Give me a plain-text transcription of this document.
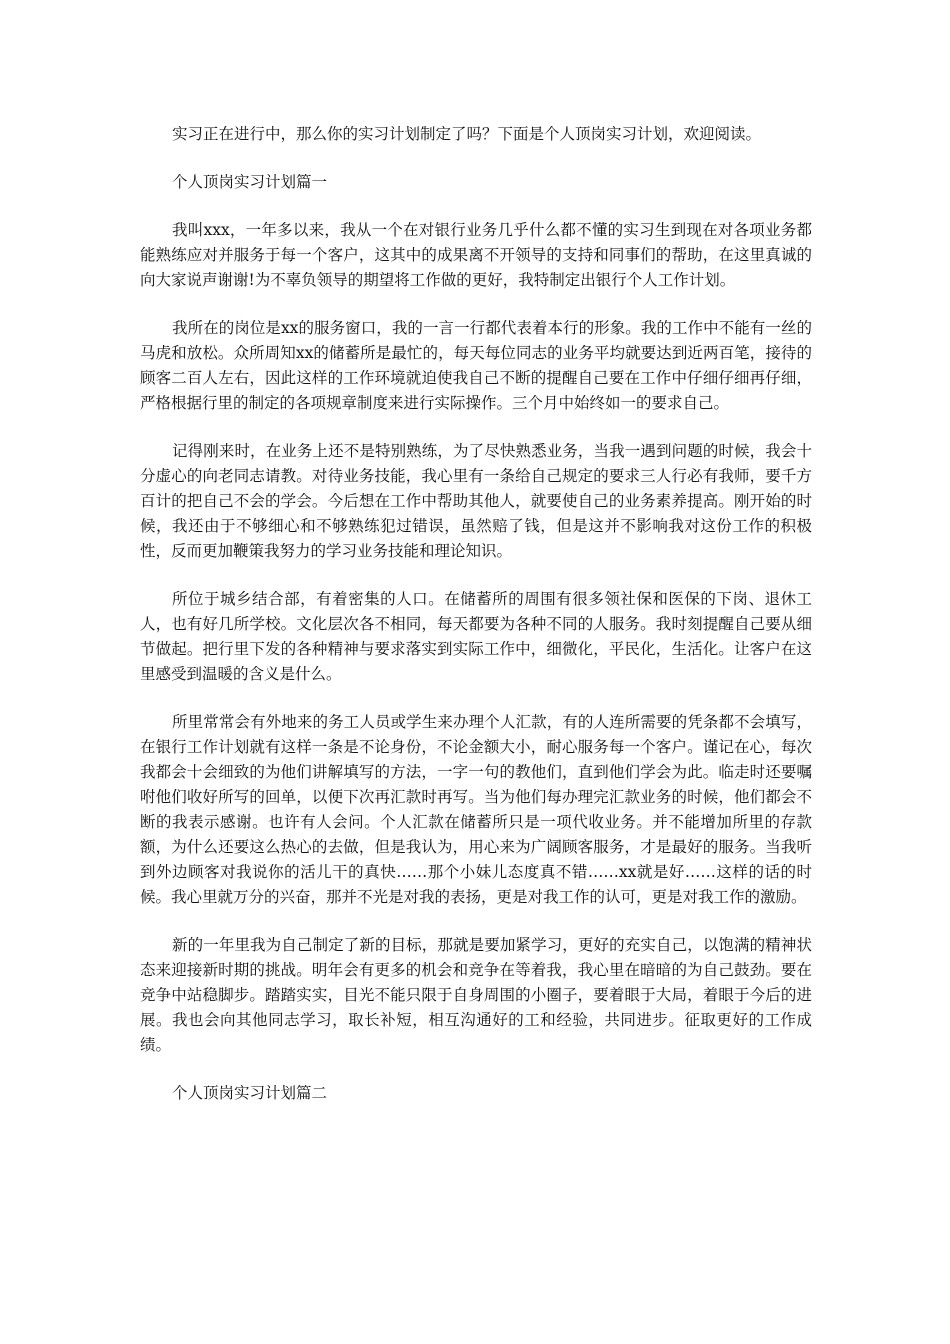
实习正在进行中，那么你的实习计划制定了吗？下面是个人顶岗实习计划，欢迎阅读。

个人顶岗实习计划篇一

我叫xxx，一年多以来，我从一个在对银行业务几乎什么都不懂的实习生到现在对各项业务都能熟练应对并服务于每一个客户，这其中的成果离不开领导的支持和同事们的帮助，在这里真诚的向大家说声谢谢!为不辜负领导的期望将工作做的更好，我特制定出银行个人工作计划。

我所在的岗位是xx的服务窗口，我的一言一行都代表着本行的形象。我的工作中不能有一丝的马虎和放松。众所周知xx的储蓄所是最忙的，每天每位同志的业务平均就要达到近两百笔，接待的顾客二百人左右，因此这样的工作环境就迫使我自己不断的提醒自己要在工作中仔细仔细再仔细，严格根据行里的制定的各项规章制度来进行实际操作。三个月中始终如一的要求自己。

记得刚来时，在业务上还不是特别熟练，为了尽快熟悉业务，当我一遇到问题的时候，我会十分虚心的向老同志请教。对待业务技能，我心里有一条给自己规定的要求三人行必有我师，要千方百计的把自己不会的学会。今后想在工作中帮助其他人，就要使自己的业务素养提高。刚开始的时候，我还由于不够细心和不够熟练犯过错误，虽然赔了钱，但是这并不影响我对这份工作的积极性，反而更加鞭策我努力的学习业务技能和理论知识。

所位于城乡结合部，有着密集的人口。在储蓄所的周围有很多领社保和医保的下岗、退休工人，也有好几所学校。文化层次各不相同，每天都要为各种不同的人服务。我时刻提醒自己要从细节做起。把行里下发的各种精神与要求落实到实际工作中，细微化，平民化，生活化。让客户在这里感受到温暖的含义是什么。

所里常常会有外地来的务工人员或学生来办理个人汇款，有的人连所需要的凭条都不会填写，在银行工作计划就有这样一条是不论身份，不论金额大小，耐心服务每一个客户。谨记在心，每次我都会十会细致的为他们讲解填写的方法，一字一句的教他们，直到他们学会为此。临走时还要嘱咐他们收好所写的回单，以便下次再汇款时再写。当为他们每办理完汇款业务的时候，他们都会不断的我表示感谢。也许有人会问。个人汇款在储蓄所只是一项代收业务。并不能增加所里的存款额，为什么还要这么热心的去做，但是我认为，用心来为广阔顾客服务，才是最好的服务。当我听到外边顾客对我说你的活儿干的真快……那个小妹儿态度真不错……xx就是好……这样的话的时候。我心里就万分的兴奋，那并不光是对我的表扬，更是对我工作的认可，更是对我工作的激励。

新的一年里我为自己制定了新的目标，那就是要加紧学习，更好的充实自己，以饱满的精神状态来迎接新时期的挑战。明年会有更多的机会和竞争在等着我，我心里在暗暗的为自己鼓劲。要在竞争中站稳脚步。踏踏实实，目光不能只限于自身周围的小圈子，要着眼于大局，着眼于今后的进展。我也会向其他同志学习，取长补短，相互沟通好的工和经验，共同进步。征取更好的工作成绩。

个人顶岗实习计划篇二
